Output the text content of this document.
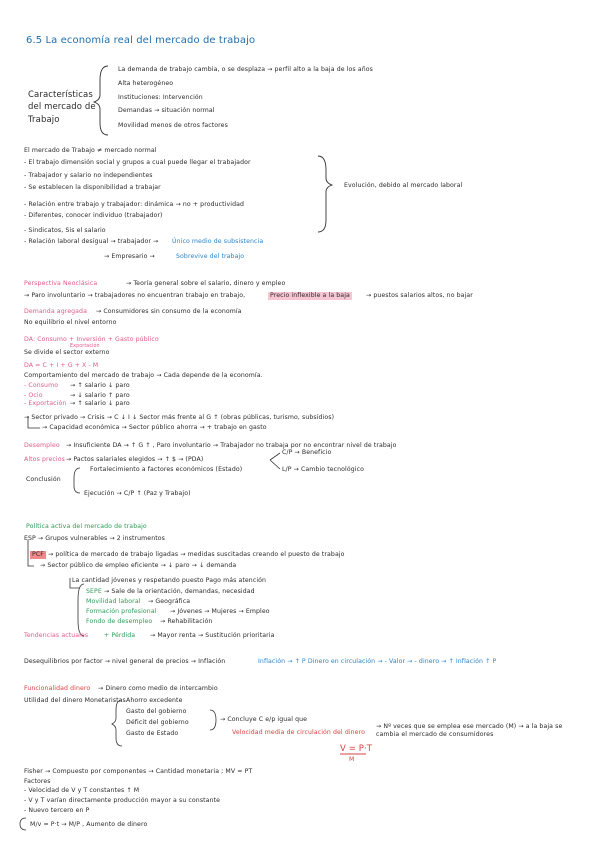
6.5 La economía real del mercado de trabajo
Características
del mercado de
Trabajo
La demanda de trabajo cambia, o se desplaza → perfil alto a la baja de los años
Alta heterogéneo
Instituciones: Intervención
Demandas → situación normal
Movilidad menos de otros factores
El mercado de Trabajo ≠ mercado normal
- El trabajo dimensión social y grupos a cual puede llegar el trabajador
- Trabajador y salario no independientes
- Se establecen la disponibilidad a trabajar
- Relación entre trabajo y trabajador: dinámica → no + productividad
- Diferentes, conocer individuo (trabajador)
- Sindicatos, Sis el salario
- Relación laboral desigual → trabajador → Único medio de subsistencia
Evolución, debido al mercado laboral
→ Empresario →	Sobrevive del trabajo
Perspectiva Neoclásica	→ Teoría general sobre el salario, dinero y empleo
→ Paro involuntario → trabajadores no encuentran trabajo en trabajo,	Precio inflexible a la baja	→ puestos salarios altos, no bajar
Demanda agregada → Consumidores sin consumo de la economía
No equilibrio el nivel entorno
DA: Consumo + Inversión + Gasto público
Exportación
Se divide el sector externo
DA = C + I + G + X - M
Comportamiento del mercado de trabajo → Cada depende de la economía.
- Consumo → ↑ salario ↓ paro
- Ocio	→ ↓ salario ↑ paro
- Exportación → ↑ salario ↓ paro
→ Sector privado → Crisis → C ↓ I ↓ Sector más frente al G ↑ (obras públicas, turismo, subsidios)
→ Capacidad económica → Sector público ahorra → + trabajo en gasto
Desempleo → Insuficiente DA → ↑ G ↑ , Paro involuntario → Trabajador no trabaja por no encontrar nivel de trabajo
Altos precios → Pactos salariales elegidos → ↑ $ → (PDA)
C/P → Beneficio
L/P → Cambio tecnológico
Conclusión
Fortalecimiento a factores económicos (Estado)
Ejecución → C/P ↑ (Paz y Trabajo)
Política activa del mercado de trabajo
ESP → Grupos vulnerables → 2 instrumentos
PCF → política de mercado de trabajo ligadas → medidas suscitadas creando el puesto de trabajo
→ Sector público de empleo eficiente → ↓ paro → ↓ demanda
La cantidad jóvenes y respetando puesto Pago más atención
SEPE → Sale de la orientación, demandas, necesidad
Movilidad laboral → Geográfica
Formación profesional → Jóvenes → Mujeres → Empleo
Fondo de desempleo → Rehabilitación
Tendencias actuales	+ Pérdida → Mayor renta → Sustitución prioritaria
Desequilibrios por factor → nivel general de precios → Inflación	Inflación → ↑ P Dinero en circulación → - Valor → - dinero → ↑ Inflación ↑ P
Funcionalidad dinero → Dinero como medio de intercambio
Utilidad del dinero Monetaristas Ahorro excedente
Gasto del gobierno
Déficit del gobierno
Gasto de Estado
→ Concluye C e/p igual que
Velocidad media de circulación del dinero
→ Nº veces que se emplea ese mercado (M) → a la baja se cambia el mercado de consumidores
V = P·T
M
Fisher → Compuesto por componentes → Cantidad monetaria ; MV = PT
Factores
- Velocidad de V y T constantes ↑ M
- V y T varían directamente producción mayor a su constante
- Nuevo tercero en P
M/v = P·t → M/P , Aumento de dinero
